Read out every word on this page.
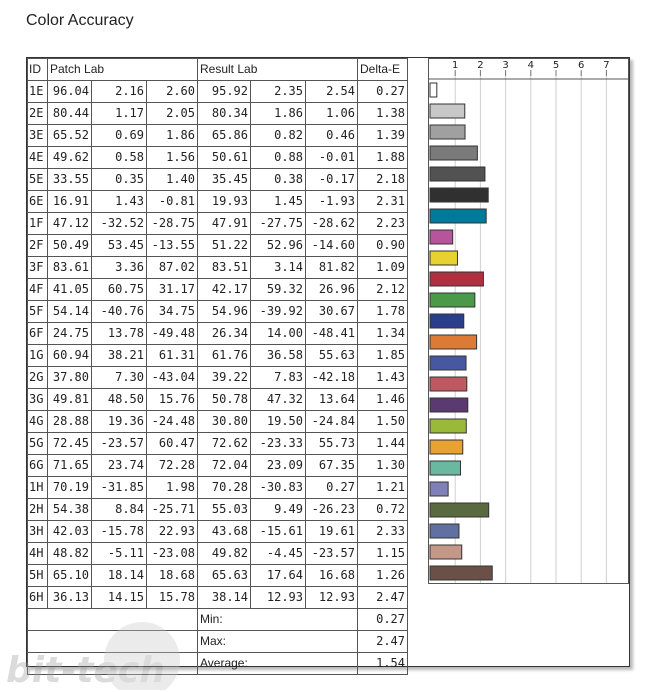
Color Accuracy
ID	Patch Lab			Result Lab			Delta-E
1E	96.04	2.16	2.60	95.92	2.35	2.54	0.27
2E	80.44	1.17	2.05	80.34	1.86	1.06	1.38
3E	65.52	0.69	1.86	65.86	0.82	0.46	1.39
4E	49.62	0.58	1.56	50.61	0.88	-0.01	1.88
5E	33.55	0.35	1.40	35.45	0.38	-0.17	2.18
6E	16.91	1.43	-0.81	19.93	1.45	-1.93	2.31
1F	47.12	-32.52	-28.75	47.91	-27.75	-28.62	2.23
2F	50.49	53.45	-13.55	51.22	52.96	-14.60	0.90
3F	83.61	3.36	87.02	83.51	3.14	81.82	1.09
4F	41.05	60.75	31.17	42.17	59.32	26.96	2.12
5F	54.14	-40.76	34.75	54.96	-39.92	30.67	1.78
6F	24.75	13.78	-49.48	26.34	14.00	-48.41	1.34
1G	60.94	38.21	61.31	61.76	36.58	55.63	1.85
2G	37.80	7.30	-43.04	39.22	7.83	-42.18	1.43
3G	49.81	48.50	15.76	50.78	47.32	13.64	1.46
4G	28.88	19.36	-24.48	30.80	19.50	-24.84	1.50
5G	72.45	-23.57	60.47	72.62	-23.33	55.73	1.44
6G	71.65	23.74	72.28	72.04	23.09	67.35	1.30
1H	70.19	-31.85	1.98	70.28	-30.83	0.27	1.21
2H	54.38	8.84	-25.71	55.03	9.49	-26.23	0.72
3H	42.03	-15.78	22.93	43.68	-15.61	19.61	2.33
4H	48.82	-5.11	-23.08	49.82	-4.45	-23.57	1.15
5H	65.10	18.14	18.68	65.63	17.64	16.68	1.26
6H	36.13	14.15	15.78	38.14	12.93	12.93	2.47
				Min:			0.27
				Max:			2.47
				Average:			1.54
1 2 3 4 5 6 7
bit-tech
